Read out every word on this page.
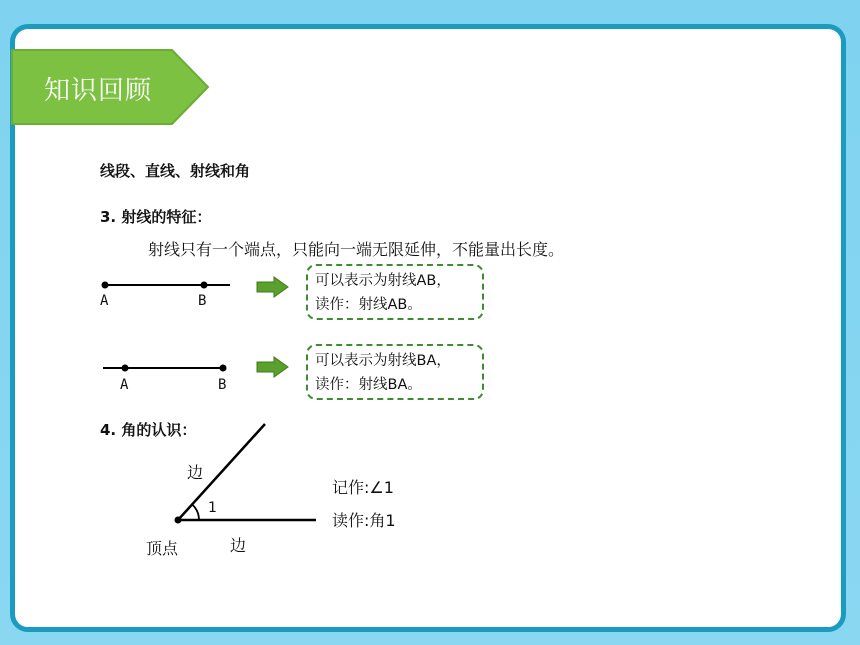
知识回顾
线段、直线、射线和角
3. 射线的特征：
射线只有一个端点，只能向一端无限延伸，不能量出长度。
A	B
可以表示为射线AB，
读作：射线AB。
A	B
可以表示为射线BA，
读作：射线BA。
4. 角的认识：
边
1
边
顶点
记作:∠1
读作:角1
